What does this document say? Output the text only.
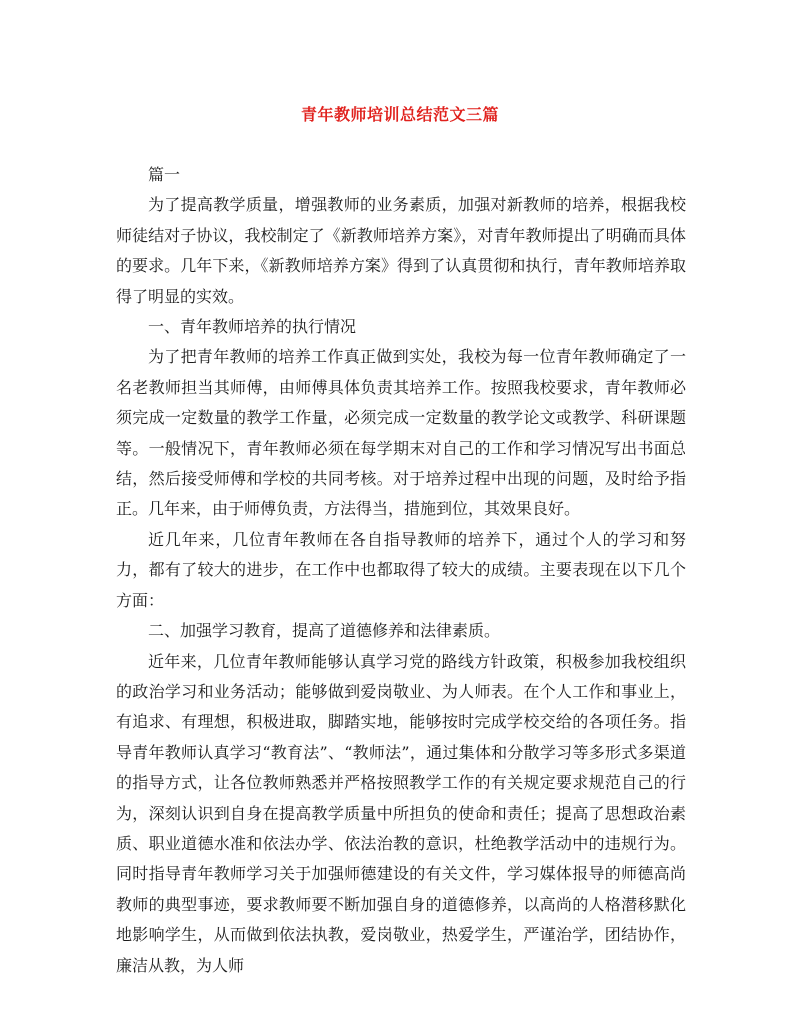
青年教师培训总结范文三篇

篇一

为了提高教学质量，增强教师的业务素质，加强对新教师的培养，根据我校师徒结对子协议，我校制定了《新教师培养方案》，对青年教师提出了明确而具体的要求。几年下来，《新教师培养方案》得到了认真贯彻和执行，青年教师培养取得了明显的实效。

一、青年教师培养的执行情况

为了把青年教师的培养工作真正做到实处，我校为每一位青年教师确定了一名老教师担当其师傅，由师傅具体负责其培养工作。按照我校要求，青年教师必须完成一定数量的教学工作量，必须完成一定数量的教学论文或教学、科研课题等。一般情况下，青年教师必须在每学期末对自己的工作和学习情况写出书面总结，然后接受师傅和学校的共同考核。对于培养过程中出现的问题，及时给予指正。几年来，由于师傅负责，方法得当，措施到位，其效果良好。

近几年来，几位青年教师在各自指导教师的培养下，通过个人的学习和努力，都有了较大的进步，在工作中也都取得了较大的成绩。主要表现在以下几个方面：

二、加强学习教育，提高了道德修养和法律素质。

近年来，几位青年教师能够认真学习党的路线方针政策，积极参加我校组织的政治学习和业务活动；能够做到爱岗敬业、为人师表。在个人工作和事业上，有追求、有理想，积极进取，脚踏实地，能够按时完成学校交给的各项任务。指导青年教师认真学习“教育法”、“教师法”，通过集体和分散学习等多形式多渠道的指导方式，让各位教师熟悉并严格按照教学工作的有关规定要求规范自己的行为，深刻认识到自身在提高教学质量中所担负的使命和责任；提高了思想政治素质、职业道德水准和依法办学、依法治教的意识，杜绝教学活动中的违规行为。同时指导青年教师学习关于加强师德建设的有关文件，学习媒体报导的师德高尚教师的典型事迹，要求教师要不断加强自身的道德修养，以高尚的人格潜移默化地影响学生，从而做到依法执教，爱岗敬业，热爱学生，严谨治学，团结协作，廉洁从教，为人师
